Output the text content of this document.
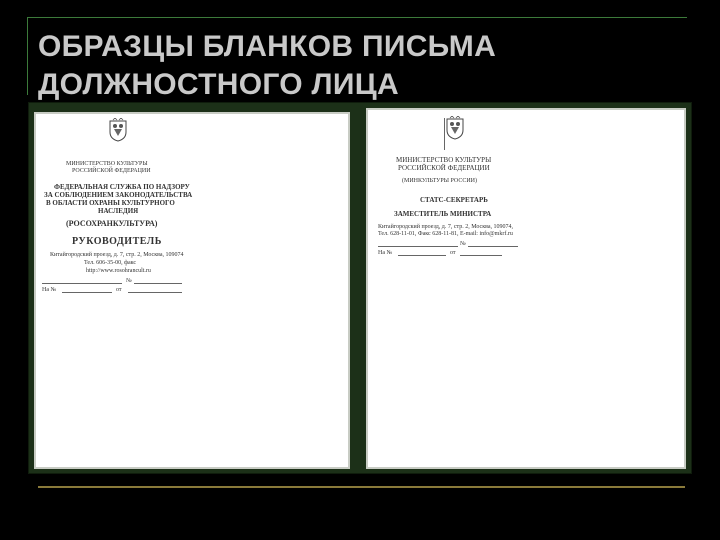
ОБРАЗЦЫ БЛАНКОВ ПИСЬМА
ДОЛЖНОСТНОГО ЛИЦА
МИНИСТЕРСТВО КУЛЬТУРЫ
РОССИЙСКОЙ ФЕДЕРАЦИИ
ФЕДЕРАЛЬНАЯ СЛУЖБА ПО НАДЗОРУ
ЗА СОБЛЮДЕНИЕМ ЗАКОНОДАТЕЛЬСТВА
В ОБЛАСТИ ОХРАНЫ КУЛЬТУРНОГО
НАСЛЕДИЯ
(РОСОХРАНКУЛЬТУРА)
РУКОВОДИТЕЛЬ
Китайгородский проезд, д. 7, стр. 2, Москва, 109074
Тел. 606-35-00, факс
http://www.rosohrancult.ru
№
На №	от
МИНИСТЕРСТВО КУЛЬТУРЫ
РОССИЙСКОЙ ФЕДЕРАЦИИ
(МИНКУЛЬТУРЫ РОССИИ)
СТАТС-СЕКРЕТАРЬ
ЗАМЕСТИТЕЛЬ МИНИСТРА
Китайгородский проезд, д. 7, стр. 2, Москва, 109074,
Тел. 628-11-01, Факс 628-11-81, E-mail: info@mkrf.ru
№
На №	от
